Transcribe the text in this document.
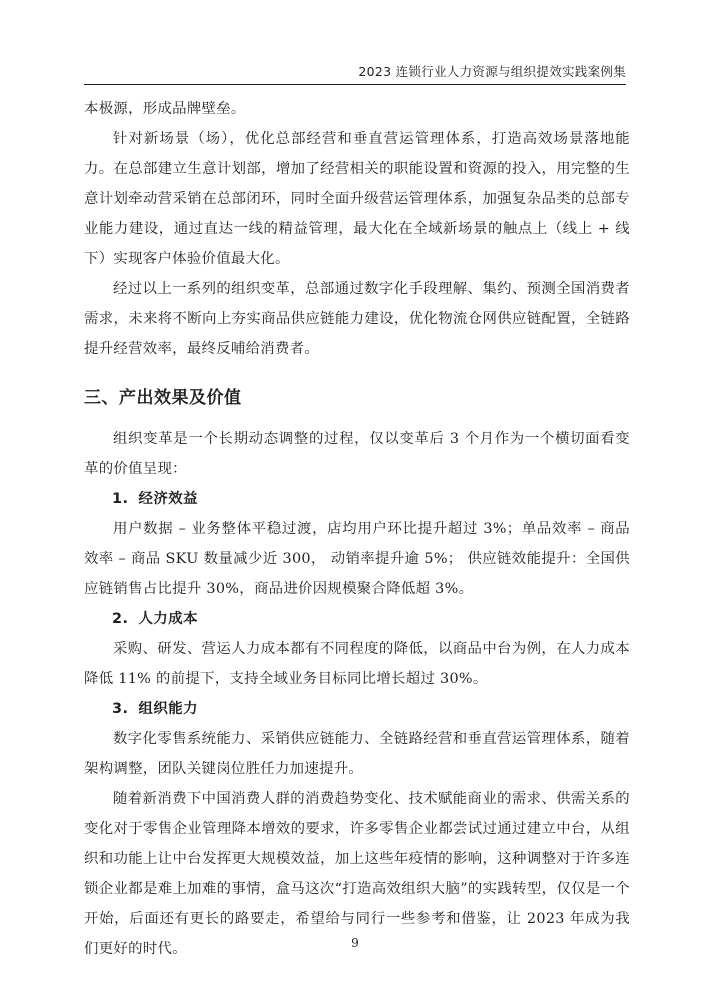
2023 连锁行业人力资源与组织提效实践案例集

本极源，形成品牌壁垒。

针对新场景（场），优化总部经营和垂直营运管理体系，打造高效场景落地能力。在总部建立生意计划部，增加了经营相关的职能设置和资源的投入，用完整的生意计划牵动营采销在总部闭环，同时全面升级营运管理体系，加强复杂品类的总部专业能力建设，通过直达一线的精益管理，最大化在全域新场景的触点上（线上 + 线下）实现客户体验价值最大化。

经过以上一系列的组织变革，总部通过数字化手段理解、集约、预测全国消费者需求，未来将不断向上夯实商品供应链能力建设，优化物流仓网供应链配置，全链路提升经营效率，最终反哺给消费者。

三、产出效果及价值

组织变革是一个长期动态调整的过程，仅以变革后 3 个月作为一个横切面看变革的价值呈现：

1. 经济效益

用户数据 – 业务整体平稳过渡，店均用户环比提升超过 3%；单品效率 – 商品效率 – 商品 SKU 数量减少近 300， 动销率提升逾 5%； 供应链效能提升：全国供应链销售占比提升 30%，商品进价因规模聚合降低超 3%。

2. 人力成本

采购、研发、营运人力成本都有不同程度的降低，以商品中台为例，在人力成本降低 11% 的前提下，支持全域业务目标同比增长超过 30%。

3. 组织能力

数字化零售系统能力、采销供应链能力、全链路经营和垂直营运管理体系，随着架构调整，团队关键岗位胜任力加速提升。

随着新消费下中国消费人群的消费趋势变化、技术赋能商业的需求、供需关系的变化对于零售企业管理降本增效的要求，许多零售企业都尝试过通过建立中台，从组织和功能上让中台发挥更大规模效益，加上这些年疫情的影响，这种调整对于许多连锁企业都是难上加难的事情，盒马这次“打造高效组织大脑”的实践转型，仅仅是一个开始，后面还有更长的路要走，希望给与同行一些参考和借鉴，让 2023 年成为我们更好的时代。	9
